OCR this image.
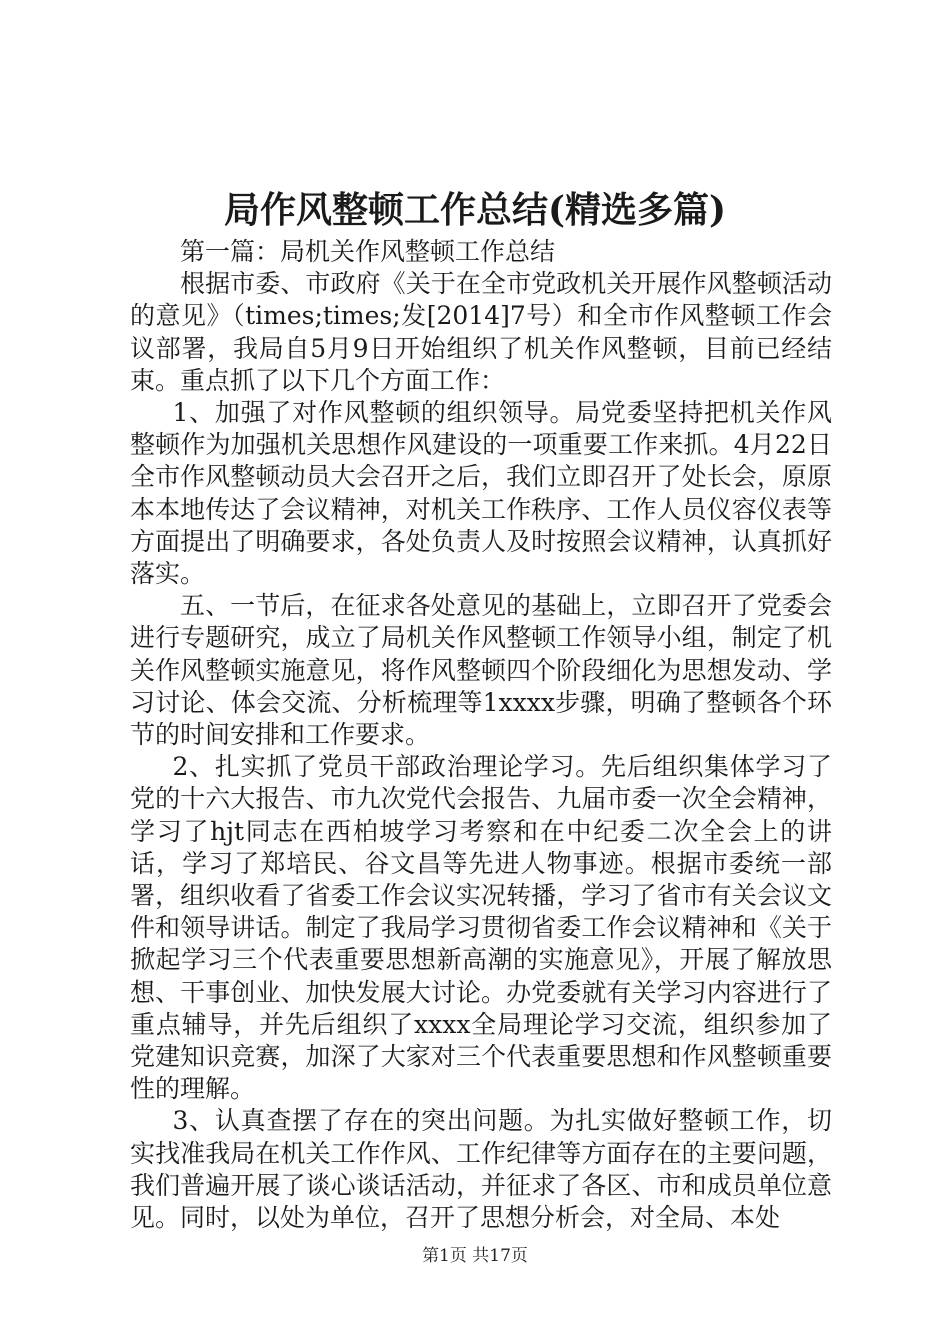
局作风整顿工作总结(精选多篇)

第一篇：局机关作风整顿工作总结

根据市委、市政府《关于在全市党政机关开展作风整顿活动的意见》（times;times;发[2014]7号）和全市作风整顿工作会议部署，我局自5月9日开始组织了机关作风整顿，目前已经结束。重点抓了以下几个方面工作：

1、加强了对作风整顿的组织领导。局党委坚持把机关作风整顿作为加强机关思想作风建设的一项重要工作来抓。4月22日全市作风整顿动员大会召开之后，我们立即召开了处长会，原原本本地传达了会议精神，对机关工作秩序、工作人员仪容仪表等方面提出了明确要求，各处负责人及时按照会议精神，认真抓好落实。

五、一节后，在征求各处意见的基础上，立即召开了党委会进行专题研究，成立了局机关作风整顿工作领导小组，制定了机关作风整顿实施意见，将作风整顿四个阶段细化为思想发动、学习讨论、体会交流、分析梳理等1xxxx步骤，明确了整顿各个环节的时间安排和工作要求。

2、扎实抓了党员干部政治理论学习。先后组织集体学习了党的十六大报告、市九次党代会报告、九届市委一次全会精神，学习了hjt同志在西柏坡学习考察和在中纪委二次全会上的讲话，学习了郑培民、谷文昌等先进人物事迹。根据市委统一部署，组织收看了省委工作会议实况转播，学习了省市有关会议文件和领导讲话。制定了我局学习贯彻省委工作会议精神和《关于掀起学习三个代表重要思想新高潮的实施意见》，开展了解放思想、干事创业、加快发展大讨论。办党委就有关学习内容进行了重点辅导，并先后组织了xxxx全局理论学习交流，组织参加了党建知识竞赛，加深了大家对三个代表重要思想和作风整顿重要性的理解。

3、认真查摆了存在的突出问题。为扎实做好整顿工作，切实找准我局在机关工作作风、工作纪律等方面存在的主要问题，我们普遍开展了谈心谈话活动，并征求了各区、市和成员单位意见。同时，以处为单位，召开了思想分析会，对全局、本处

第1页 共17页
